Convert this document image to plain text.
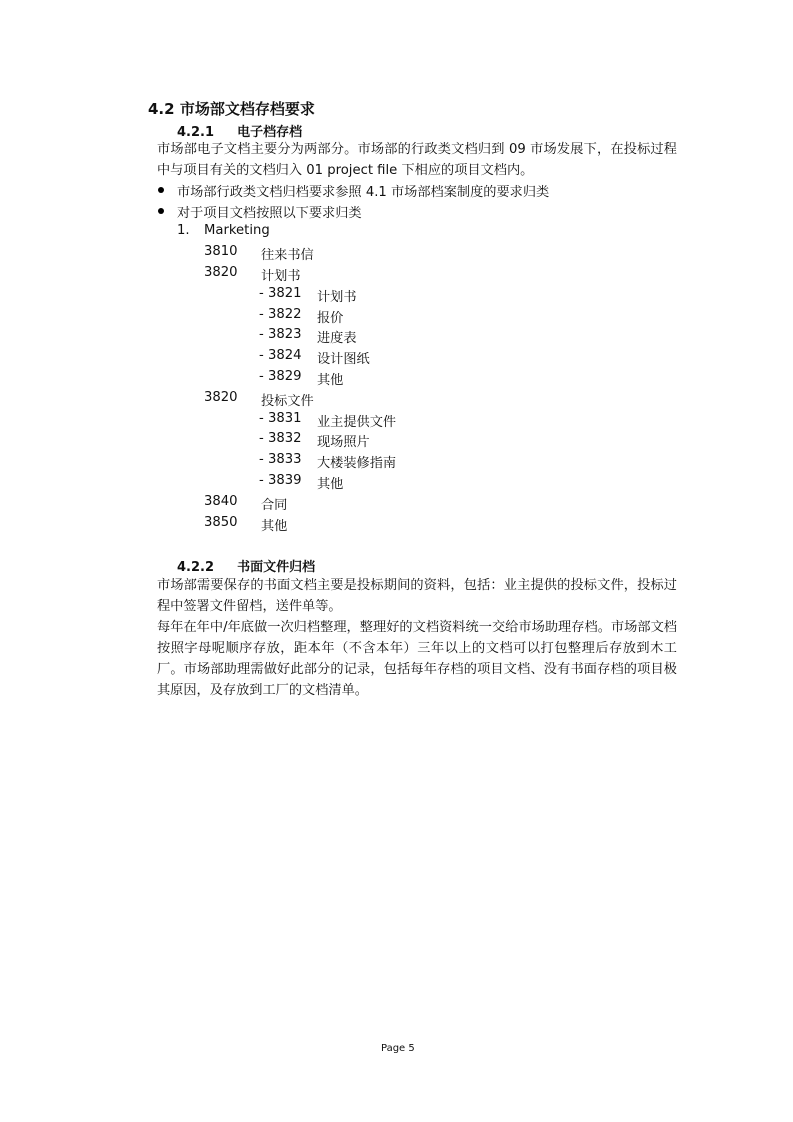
4.2 市场部文档存档要求
4.2.1 电子档存档
市场部电子文档主要分为两部分。市场部的行政类文档归到 09 市场发展下，在投标过程中与项目有关的文档归入 01 project file 下相应的项目文档内。
市场部行政类文档归档要求参照 4.1 市场部档案制度的要求归类
对于项目文档按照以下要求归类
1. Marketing
3810 往来书信
3820 计划书
- 3821 计划书
- 3822 报价
- 3823 进度表
- 3824 设计图纸
- 3829 其他
3820 投标文件
- 3831 业主提供文件
- 3832 现场照片
- 3833 大楼装修指南
- 3839 其他
3840 合同
3850 其他
4.2.2 书面文件归档
市场部需要保存的书面文档主要是投标期间的资料，包括：业主提供的投标文件，投标过程中签署文件留档，送件单等。
每年在年中/年底做一次归档整理，整理好的文档资料统一交给市场助理存档。市场部文档按照字母呢顺序存放，距本年（不含本年）三年以上的文档可以打包整理后存放到木工厂。市场部助理需做好此部分的记录，包括每年存档的项目文档、没有书面存档的项目极其原因，及存放到工厂的文档清单。
Page 5
